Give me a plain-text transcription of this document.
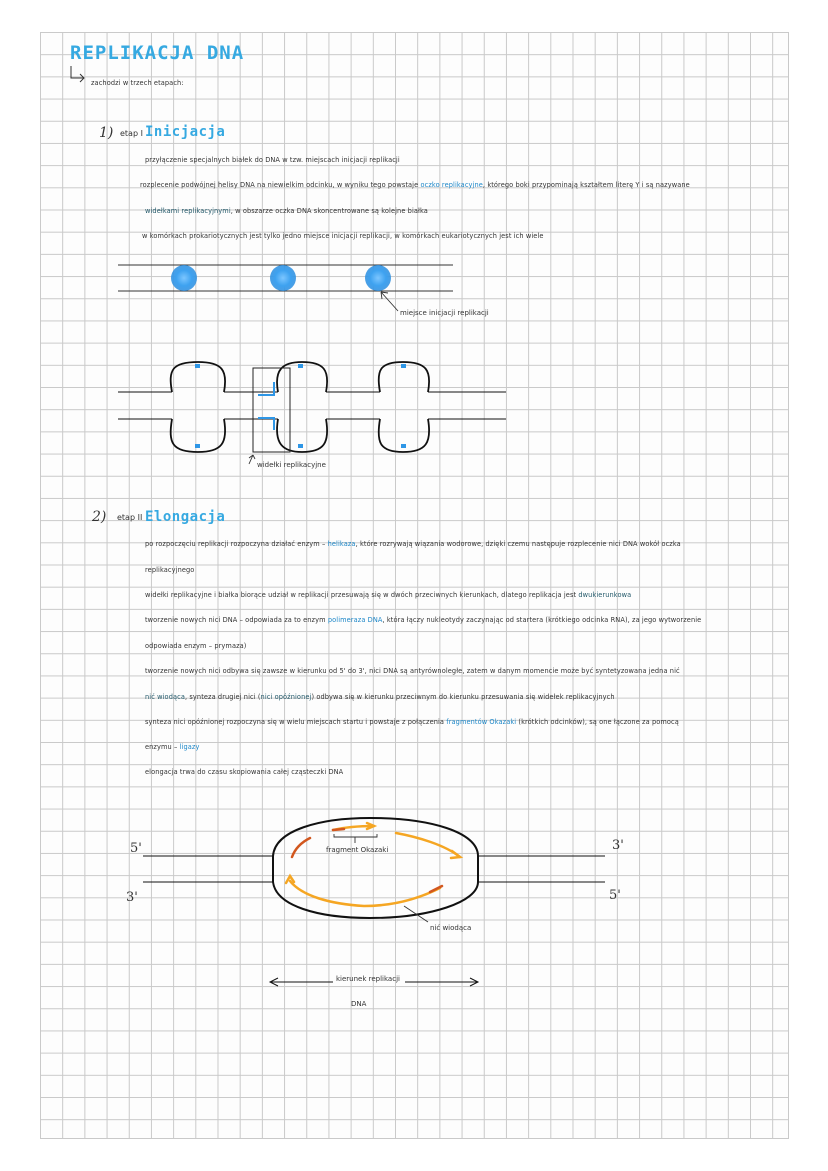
REPLIKACJA DNA
zachodzi w trzech etapach:
1) etap I Inicjacja
przyłączenie specjalnych białek do DNA w tzw. miejscach inicjacji replikacji
rozplecenie podwójnej helisy DNA na niewielkim odcinku, w wyniku tego powstaje oczko replikacyjne, którego boki przypominają kształtem literę Y i są nazywane
widełkami replikacyjnymi, w obszarze oczka DNA skoncentrowane są kolejne białka
w komórkach prokariotycznych jest tylko jedno miejsce inicjacji replikacji, w komórkach eukariotycznych jest ich wiele
miejsce inicjacji replikacji
widełki replikacyjne
2) etap II Elongacja
po rozpoczęciu replikacji rozpoczyna działać enzym – helikaza, które rozrywają wiązania wodorowe, dzięki czemu następuje rozplecenie nici DNA wokół oczka
replikacyjnego
widełki replikacyjne i białka biorące udział w replikacji przesuwają się w dwóch przeciwnych kierunkach, dlatego replikacja jest dwukierunkowa
tworzenie nowych nici DNA – odpowiada za to enzym polimeraza DNA, która łączy nukleotydy zaczynając od startera (krótkiego odcinka RNA), za jego wytworzenie
odpowiada enzym – prymaza)
tworzenie nowych nici odbywa się zawsze w kierunku od 5' do 3', nici DNA są antyrównoległe, zatem w danym momencie może być syntetyzowana jedna nić
nić wiodąca, synteza drugiej nici (nici opóźnionej) odbywa się w kierunku przeciwnym do kierunku przesuwania się widełek replikacyjnych
synteza nici opóźnionej rozpoczyna się w wielu miejscach startu i powstaje z połączenia fragmentów Okazaki (krótkich odcinków), są one łączone za pomocą
enzymu – ligazy
elongacja trwa do czasu skopiowania całej cząsteczki DNA
5'	3'
3'	5'
fragment Okazaki
nić wiodąca
kierunek replikacji
DNA
